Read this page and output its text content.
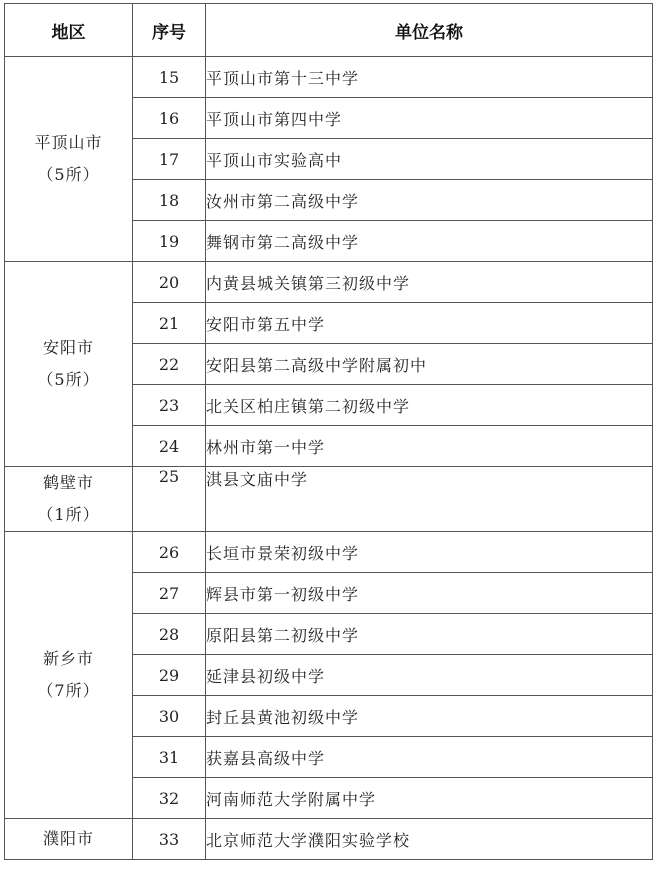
地区	序号	单位名称

平顶山市
（5所）	15	平顶山市第十三中学
	16	平顶山市第四中学
	17	平顶山市实验高中
	18	汝州市第二高级中学
	19	舞钢市第二高级中学

安阳市
（5所）	20	内黄县城关镇第三初级中学
	21	安阳市第五中学
	22	安阳县第二高级中学附属初中
	23	北关区柏庄镇第二初级中学
	24	林州市第一中学

鹤壁市
（1所）	25	淇县文庙中学

新乡市
（7所）	26	长垣市景荣初级中学
	27	辉县市第一初级中学
	28	原阳县第二初级中学
	29	延津县初级中学
	30	封丘县黄池初级中学
	31	获嘉县高级中学
	32	河南师范大学附属中学

濮阳市	33	北京师范大学濮阳实验学校
